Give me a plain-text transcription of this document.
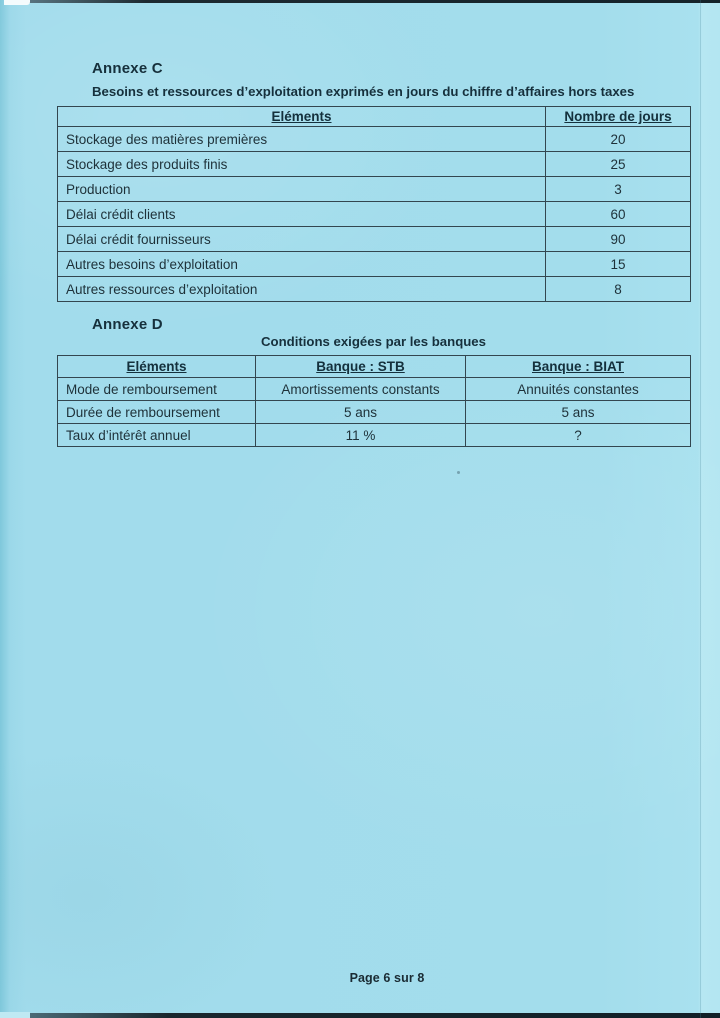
Annexe C
Besoins et ressources d’exploitation exprimés en jours du chiffre d’affaires hors taxes
Eléments	Nombre de jours
Stockage des matières premières	20
Stockage des produits finis	25
Production	3
Délai crédit clients	60
Délai crédit fournisseurs	90
Autres besoins d’exploitation	15
Autres ressources d’exploitation	8
Annexe D
Conditions exigées par les banques
Eléments	Banque : STB	Banque : BIAT
Mode de remboursement	Amortissements constants	Annuités constantes
Durée de remboursement	5 ans	5 ans
Taux d’intérêt annuel	11 %	?
Page 6 sur 8
